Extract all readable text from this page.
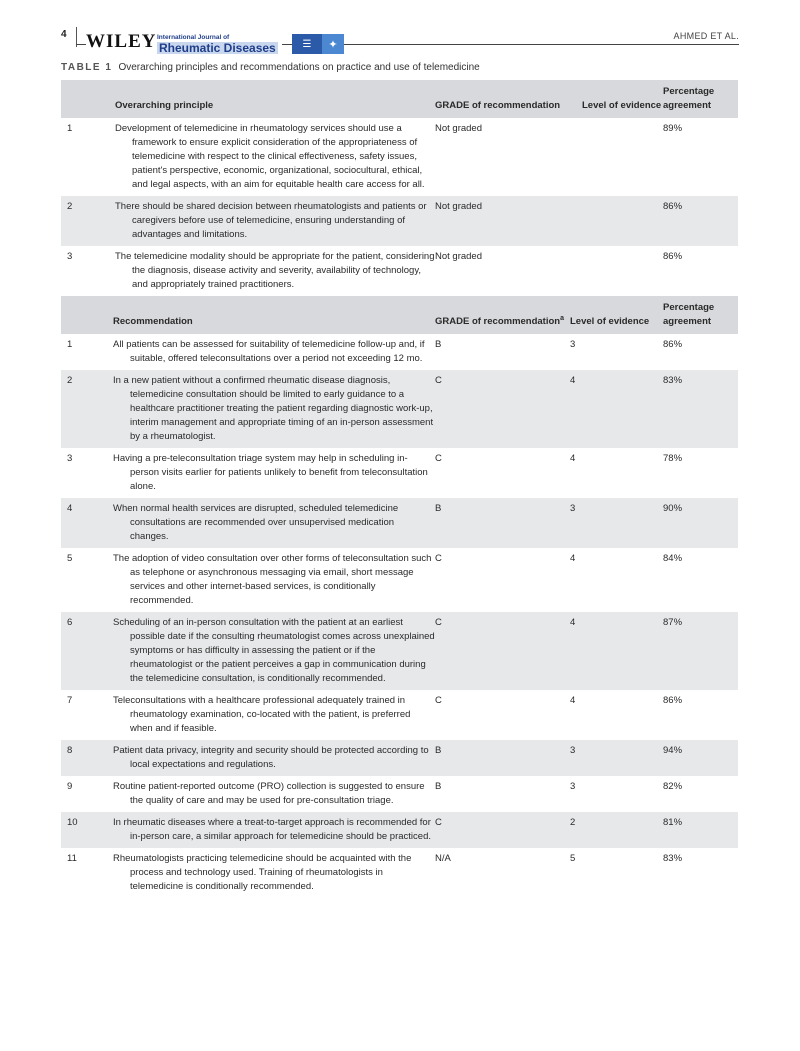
4 WILEY International Journal of
Rheumatic Diseases	☰	✦
AHMED ET AL.
TABLE 1 Overarching principles and recommendations on practice and use of telemedicine
	Overarching principle	GRADE of recommendation	Level of evidence	Percentage agreement
1	Development of telemedicine in rheumatology services should use a framework to ensure explicit consideration of the appropriateness of telemedicine with respect to the clinical effectiveness, safety issues, patient's perspective, economic, organizational, sociocultural, ethical, and legal aspects, with an aim for equitable health care access for all.	Not graded		89%
2	There should be shared decision between rheumatologists and patients or caregivers before use of telemedicine, ensuring understanding of advantages and limitations.	Not graded		86%
3	The telemedicine modality should be appropriate for the patient, considering the diagnosis, disease activity and severity, availability of technology, and appropriately trained practitioners.	Not graded		86%
	Recommendation	GRADE of recommendation$^a$	Level of evidence	Percentage agreement
1	All patients can be assessed for suitability of telemedicine follow-up and, if suitable, offered teleconsultations over a period not exceeding 12 mo.	B	3	86%
2	In a new patient without a confirmed rheumatic disease diagnosis, telemedicine consultation should be limited to early guidance to a healthcare practitioner treating the patient regarding diagnostic work-up, interim management and appropriate timing of an in-person assessment by a rheumatologist.	C	4	83%
3	Having a pre-teleconsultation triage system may help in scheduling in-person visits earlier for patients unlikely to benefit from teleconsultation alone.	C	4	78%
4	When normal health services are disrupted, scheduled telemedicine consultations are recommended over unsupervised medication changes.	B	3	90%
5	The adoption of video consultation over other forms of teleconsultation such as telephone or asynchronous messaging via email, short message services and other internet-based services, is conditionally recommended.	C	4	84%
6	Scheduling of an in-person consultation with the patient at an earliest possible date if the consulting rheumatologist comes across unexplained symptoms or has difficulty in assessing the patient or if the rheumatologist or the patient perceives a gap in communication during the telemedicine consultation, is conditionally recommended.	C	4	87%
7	Teleconsultations with a healthcare professional adequately trained in rheumatology examination, co-located with the patient, is preferred when and if feasible.	C	4	86%
8	Patient data privacy, integrity and security should be protected according to local expectations and regulations.	B	3	94%
9	Routine patient-reported outcome (PRO) collection is suggested to ensure the quality of care and may be used for pre-consultation triage.	B	3	82%
10	In rheumatic diseases where a treat-to-target approach is recommended for in-person care, a similar approach for telemedicine should be practiced.	C	2	81%
11	Rheumatologists practicing telemedicine should be acquainted with the process and technology used. Training of rheumatologists in telemedicine is conditionally recommended.	N/A	5	83%
